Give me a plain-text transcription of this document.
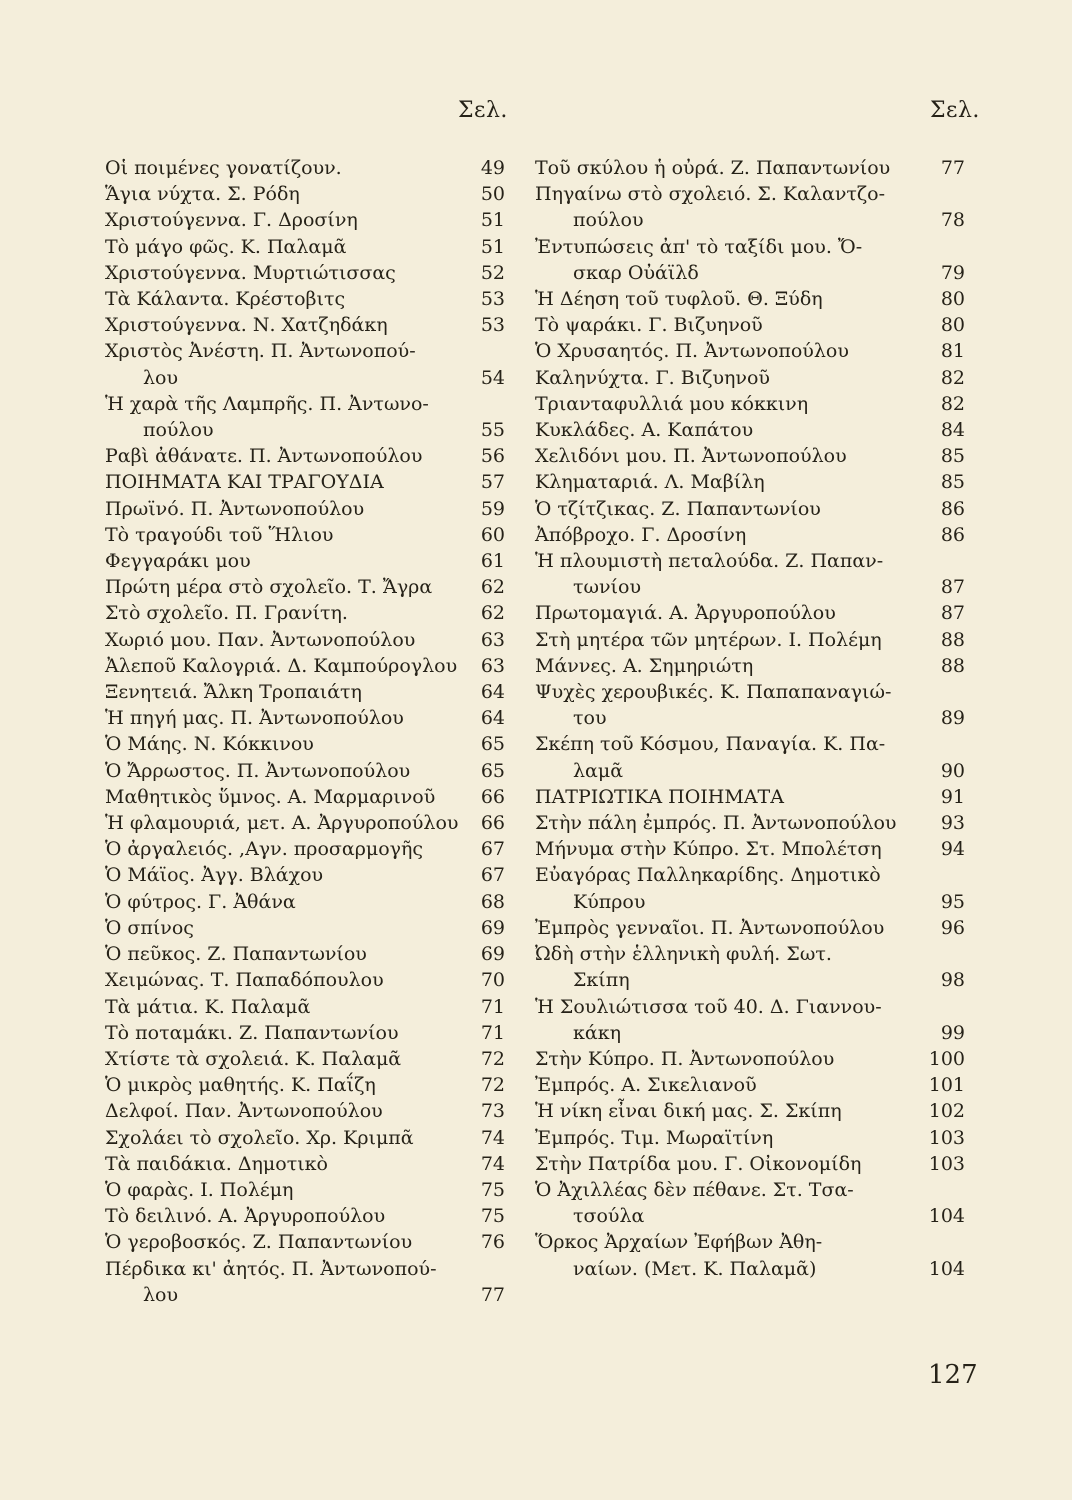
Σελ.	Σελ.
Οἱ ποιμένες γονατίζουν.	49
Ἅγια νύχτα. Σ. Ρόδη	50
Χριστούγεννα. Γ. Δροσίνη	51
Τὸ μάγο φῶς. Κ. Παλαμᾶ	51
Χριστούγεννα. Μυρτιώτισσας	52
Τὰ Κάλαντα. Κρέστοβιτς	53
Χριστούγεννα. Ν. Χατζηδάκη	53
Χριστὸς Ἀνέστη. Π. Ἀντωνοπού-
λου	54
Ἡ χαρὰ τῆς Λαμπρῆς. Π. Ἀντωνο-
πούλου	55
Ραβὶ ἀθάνατε. Π. Ἀντωνοπούλου	56
ΠΟΙΗΜΑΤΑ ΚΑΙ ΤΡΑΓΟΥΔΙΑ	57
Πρωϊνό. Π. Ἀντωνοπούλου	59
Τὸ τραγούδι τοῦ Ἥλιου	60
Φεγγαράκι μου	61
Πρώτη μέρα στὸ σχολεῖο. Τ. Ἄγρα	62
Στὸ σχολεῖο. Π. Γρανίτη.	62
Χωριό μου. Παν. Ἀντωνοπούλου	63
Ἀλεποῦ Καλογριά. Δ. Καμπούρογλου	63
Ξενητειά. Ἄλκη Τροπαιάτη	64
Ἡ πηγή μας. Π. Ἀντωνοπούλου	64
Ὁ Μάης. Ν. Κόκκινου	65
Ὁ Ἄρρωστος. Π. Ἀντωνοπούλου	65
Μαθητικὸς ὕμνος. Α. Μαρμαρινοῦ	66
Ἡ φλαμουριά, μετ. Α. Ἀργυροπούλου	66
Ὁ ἀργαλειός. ,Αγν. προσαρμογῆς	67
Ὁ Μάϊος. Ἀγγ. Βλάχου	67
Ὁ φύτρος. Γ. Ἀθάνα	68
Ὁ σπίνος	69
Ὁ πεῦκος. Ζ. Παπαντωνίου	69
Χειμώνας. Τ. Παπαδόπουλου	70
Τὰ μάτια. Κ. Παλαμᾶ	71
Τὸ ποταμάκι. Ζ. Παπαντωνίου	71
Χτίστε τὰ σχολειά. Κ. Παλαμᾶ	72
Ὁ μικρὸς μαθητής. Κ. Παΐζη	72
Δελφοί. Παν. Ἀντωνοπούλου	73
Σχολάει τὸ σχολεῖο. Χρ. Κριμπᾶ	74
Τὰ παιδάκια. Δημοτικὸ	74
Ὁ φαρὰς. Ι. Πολέμη	75
Τὸ δειλινό. Α. Ἀργυροπούλου	75
Ὁ γεροβοσκός. Ζ. Παπαντωνίου	76
Πέρδικα κι' ἀητός. Π. Ἀντωνοπού-
λου	77
Τοῦ σκύλου ἡ οὐρά. Ζ. Παπαντωνίου	77
Πηγαίνω στὸ σχολειό. Σ. Καλαντζο-
πούλου	78
Ἐντυπώσεις ἀπ' τὸ ταξίδι μου. Ὄ-
σκαρ Οὐάϊλδ	79
Ἡ Δέηση τοῦ τυφλοῦ. Θ. Ξύδη	80
Τὸ ψαράκι. Γ. Βιζυηνοῦ	80
Ὁ Χρυσαητός. Π. Ἀντωνοπούλου	81
Καληνύχτα. Γ. Βιζυηνοῦ	82
Τριανταφυλλιά μου κόκκινη	82
Κυκλάδες. Α. Καπάτου	84
Χελιδόνι μου. Π. Ἀντωνοπούλου	85
Κληματαριά. Λ. Μαβίλη	85
Ὁ τζίτζικας. Ζ. Παπαντωνίου	86
Ἀπόβροχο. Γ. Δροσίνη	86
Ἡ πλουμιστὴ πεταλούδα. Ζ. Παπαν-
τωνίου	87
Πρωτομαγιά. Α. Ἀργυροπούλου	87
Στὴ μητέρα τῶν μητέρων. Ι. Πολέμη	88
Μάννες. Α. Σημηριώτη	88
Ψυχὲς χερουβικές. Κ. Παπαπαναγιώ-
του	89
Σκέπη τοῦ Κόσμου, Παναγία. Κ. Πα-
λαμᾶ	90
ΠΑΤΡΙΩΤΙΚΑ ΠΟΙΗΜΑΤΑ	91
Στὴν πάλη ἐμπρός. Π. Ἀντωνοπούλου	93
Μήνυμα στὴν Κύπρο. Στ. Μπολέτση	94
Εὐαγόρας Παλληκαρίδης. Δημοτικὸ
Κύπρου	95
Ἐμπρὸς γενναῖοι. Π. Ἀντωνοπούλου	96
Ὠδὴ στὴν ἑλληνικὴ φυλή. Σωτ.
Σκίπη	98
Ἡ Σουλιώτισσα τοῦ 40. Δ. Γιαννου-
κάκη	99
Στὴν Κύπρο. Π. Ἀντωνοπούλου	100
Ἐμπρός. Α. Σικελιανοῦ	101
Ἡ νίκη εἶναι δική μας. Σ. Σκίπη	102
Ἐμπρός. Τιμ. Μωραϊτίνη	103
Στὴν Πατρίδα μου. Γ. Οἰκονομίδη	103
Ὁ Ἀχιλλέας δὲν πέθανε. Στ. Τσα-
τσούλα	104
Ὅρκος Ἀρχαίων Ἐφήβων Ἀθη-
ναίων. (Μετ. Κ. Παλαμᾶ)	104
127
